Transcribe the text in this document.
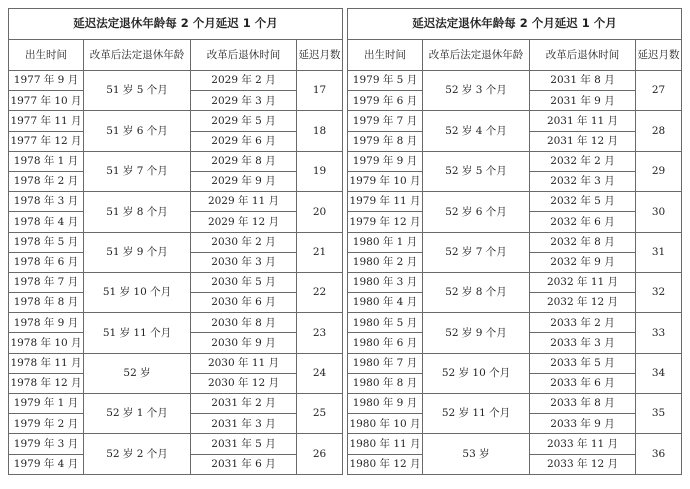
延迟法定退休年龄每 2 个月延迟 1 个月			
出生时间	改革后法定退休年龄	改革后退休时间	延迟月数
1977 年 9 月	51 岁 5 个月	2029 年 2 月	17
1977 年 10 月		2029 年 3 月	
1977 年 11 月	51 岁 6 个月	2029 年 5 月	18
1977 年 12 月		2029 年 6 月	
1978 年 1 月	51 岁 7 个月	2029 年 8 月	19
1978 年 2 月		2029 年 9 月	
1978 年 3 月	51 岁 8 个月	2029 年 11 月	20
1978 年 4 月		2029 年 12 月	
1978 年 5 月	51 岁 9 个月	2030 年 2 月	21
1978 年 6 月		2030 年 3 月	
1978 年 7 月	51 岁 10 个月	2030 年 5 月	22
1978 年 8 月		2030 年 6 月	
1978 年 9 月	51 岁 11 个月	2030 年 8 月	23
1978 年 10 月		2030 年 9 月	
1978 年 11 月	52 岁	2030 年 11 月	24
1978 年 12 月		2030 年 12 月	
1979 年 1 月	52 岁 1 个月	2031 年 2 月	25
1979 年 2 月		2031 年 3 月	
1979 年 3 月	52 岁 2 个月	2031 年 5 月	26
1979 年 4 月		2031 年 6 月	
延迟法定退休年龄每 2 个月延迟 1 个月			
出生时间	改革后法定退休年龄	改革后退休时间	延迟月数
1979 年 5 月	52 岁 3 个月	2031 年 8 月	27
1979 年 6 月		2031 年 9 月	
1979 年 7 月	52 岁 4 个月	2031 年 11 月	28
1979 年 8 月		2031 年 12 月	
1979 年 9 月	52 岁 5 个月	2032 年 2 月	29
1979 年 10 月		2032 年 3 月	
1979 年 11 月	52 岁 6 个月	2032 年 5 月	30
1979 年 12 月		2032 年 6 月	
1980 年 1 月	52 岁 7 个月	2032 年 8 月	31
1980 年 2 月		2032 年 9 月	
1980 年 3 月	52 岁 8 个月	2032 年 11 月	32
1980 年 4 月		2032 年 12 月	
1980 年 5 月	52 岁 9 个月	2033 年 2 月	33
1980 年 6 月		2033 年 3 月	
1980 年 7 月	52 岁 10 个月	2033 年 5 月	34
1980 年 8 月		2033 年 6 月	
1980 年 9 月	52 岁 11 个月	2033 年 8 月	35
1980 年 10 月		2033 年 9 月	
1980 年 11 月	53 岁	2033 年 11 月	36
1980 年 12 月		2033 年 12 月	
